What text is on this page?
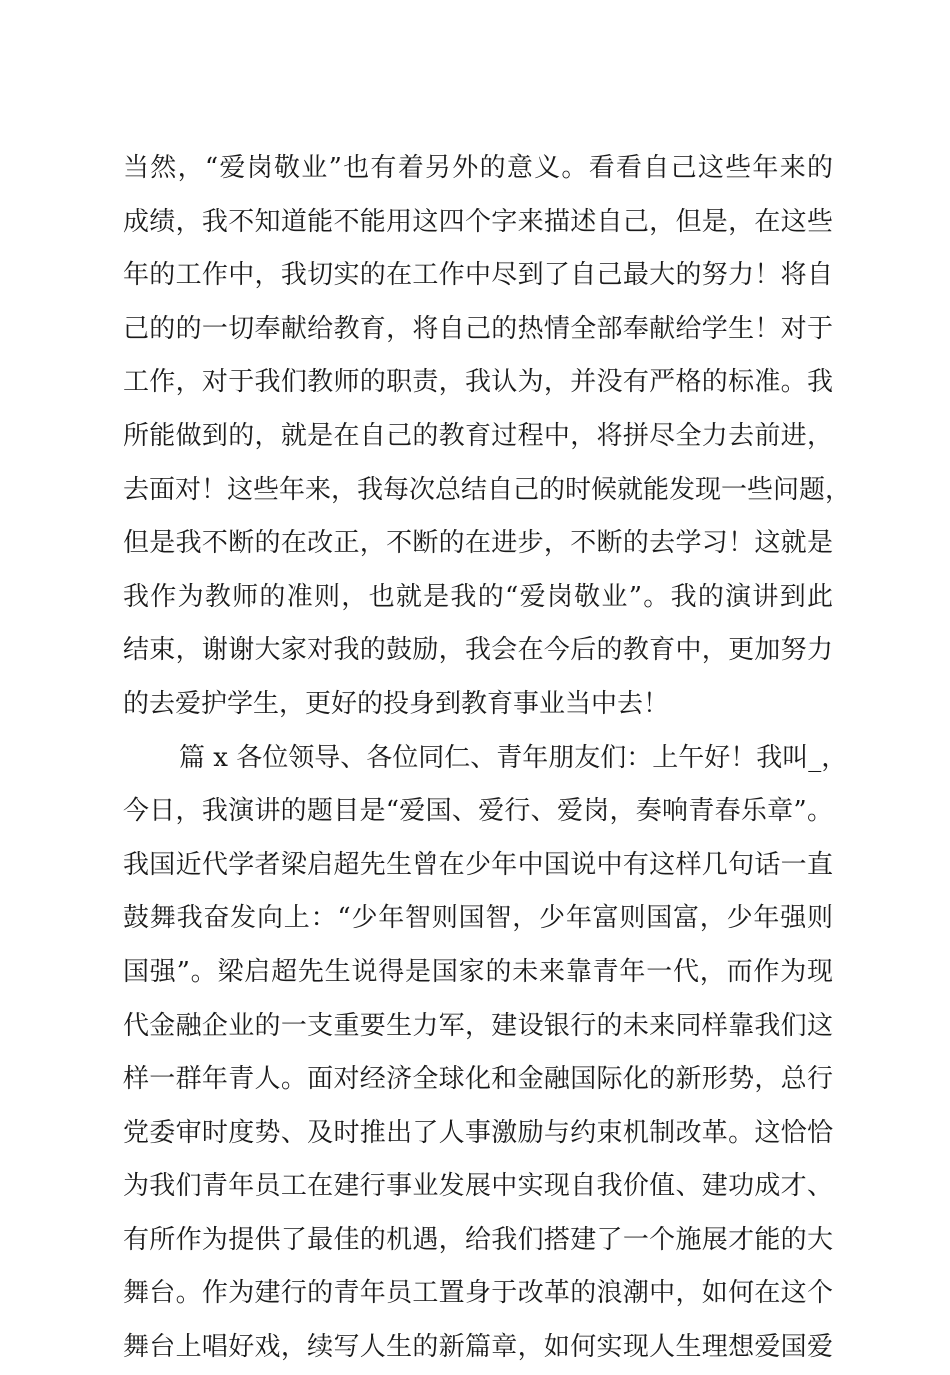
当然，“爱岗敬业”也有着另外的意义。看看自己这些年来的
成绩，我不知道能不能用这四个字来描述自己，但是，在这些
年的工作中，我切实的在工作中尽到了自己最大的努力！将自
己的的一切奉献给教育，将自己的热情全部奉献给学生！对于
工作，对于我们教师的职责，我认为，并没有严格的标准。我
所能做到的，就是在自己的教育过程中，将拼尽全力去前进，
去面对！这些年来，我每次总结自己的时候就能发现一些问题，
但是我不断的在改正，不断的在进步，不断的去学习！这就是
我作为教师的准则，也就是我的“爱岗敬业”。我的演讲到此
结束，谢谢大家对我的鼓励，我会在今后的教育中，更加努力
的去爱护学生，更好的投身到教育事业当中去！
篇 x 各位领导、各位同仁、青年朋友们：上午好！我叫_，
今日，我演讲的题目是“爱国、爱行、爱岗，奏响青春乐章”。
我国近代学者梁启超先生曾在少年中国说中有这样几句话一直
鼓舞我奋发向上：“少年智则国智，少年富则国富，少年强则
国强”。梁启超先生说得是国家的未来靠青年一代，而作为现
代金融企业的一支重要生力军，建设银行的未来同样靠我们这
样一群年青人。面对经济全球化和金融国际化的新形势，总行
党委审时度势、及时推出了人事激励与约束机制改革。这恰恰
为我们青年员工在建行事业发展中实现自我价值、建功成才、
有所作为提供了最佳的机遇，给我们搭建了一个施展才能的大
舞台。作为建行的青年员工置身于改革的浪潮中，如何在这个
舞台上唱好戏，续写人生的新篇章，如何实现人生理想爱国爱
